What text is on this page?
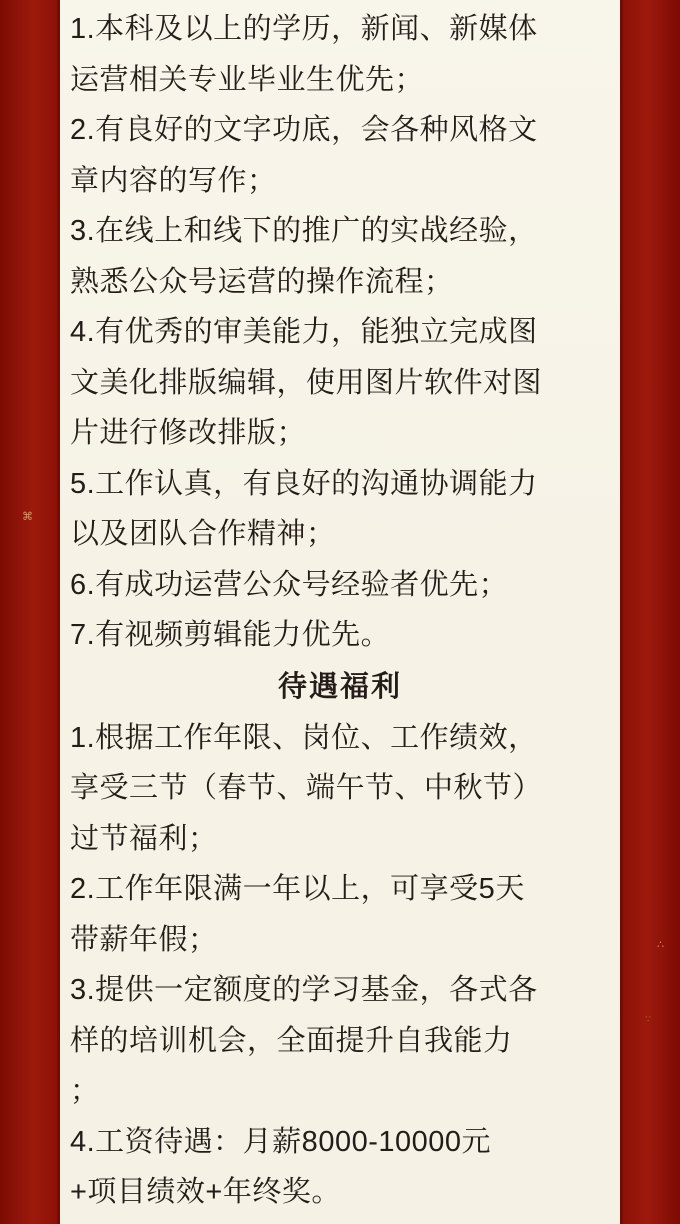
⌘
∴
∵

1.本科及以上的学历，新闻、新媒体

运营相关专业毕业生优先；

2.有良好的文字功底，会各种风格文

章内容的写作；

3.在线上和线下的推广的实战经验，

熟悉公众号运营的操作流程；

4.有优秀的审美能力，能独立完成图

文美化排版编辑，使用图片软件对图

片进行修改排版；

5.工作认真，有良好的沟通协调能力

以及团队合作精神；

6.有成功运营公众号经验者优先；

7.有视频剪辑能力优先。

待遇福利

1.根据工作年限、岗位、工作绩效，

享受三节（春节、端午节、中秋节）

过节福利；

2.工作年限满一年以上，可享受5天

带薪年假；

3.提供一定额度的学习基金，各式各

样的培训机会，全面提升自我能力

；

4.工资待遇：月薪8000-10000元

+项目绩效+年终奖。
